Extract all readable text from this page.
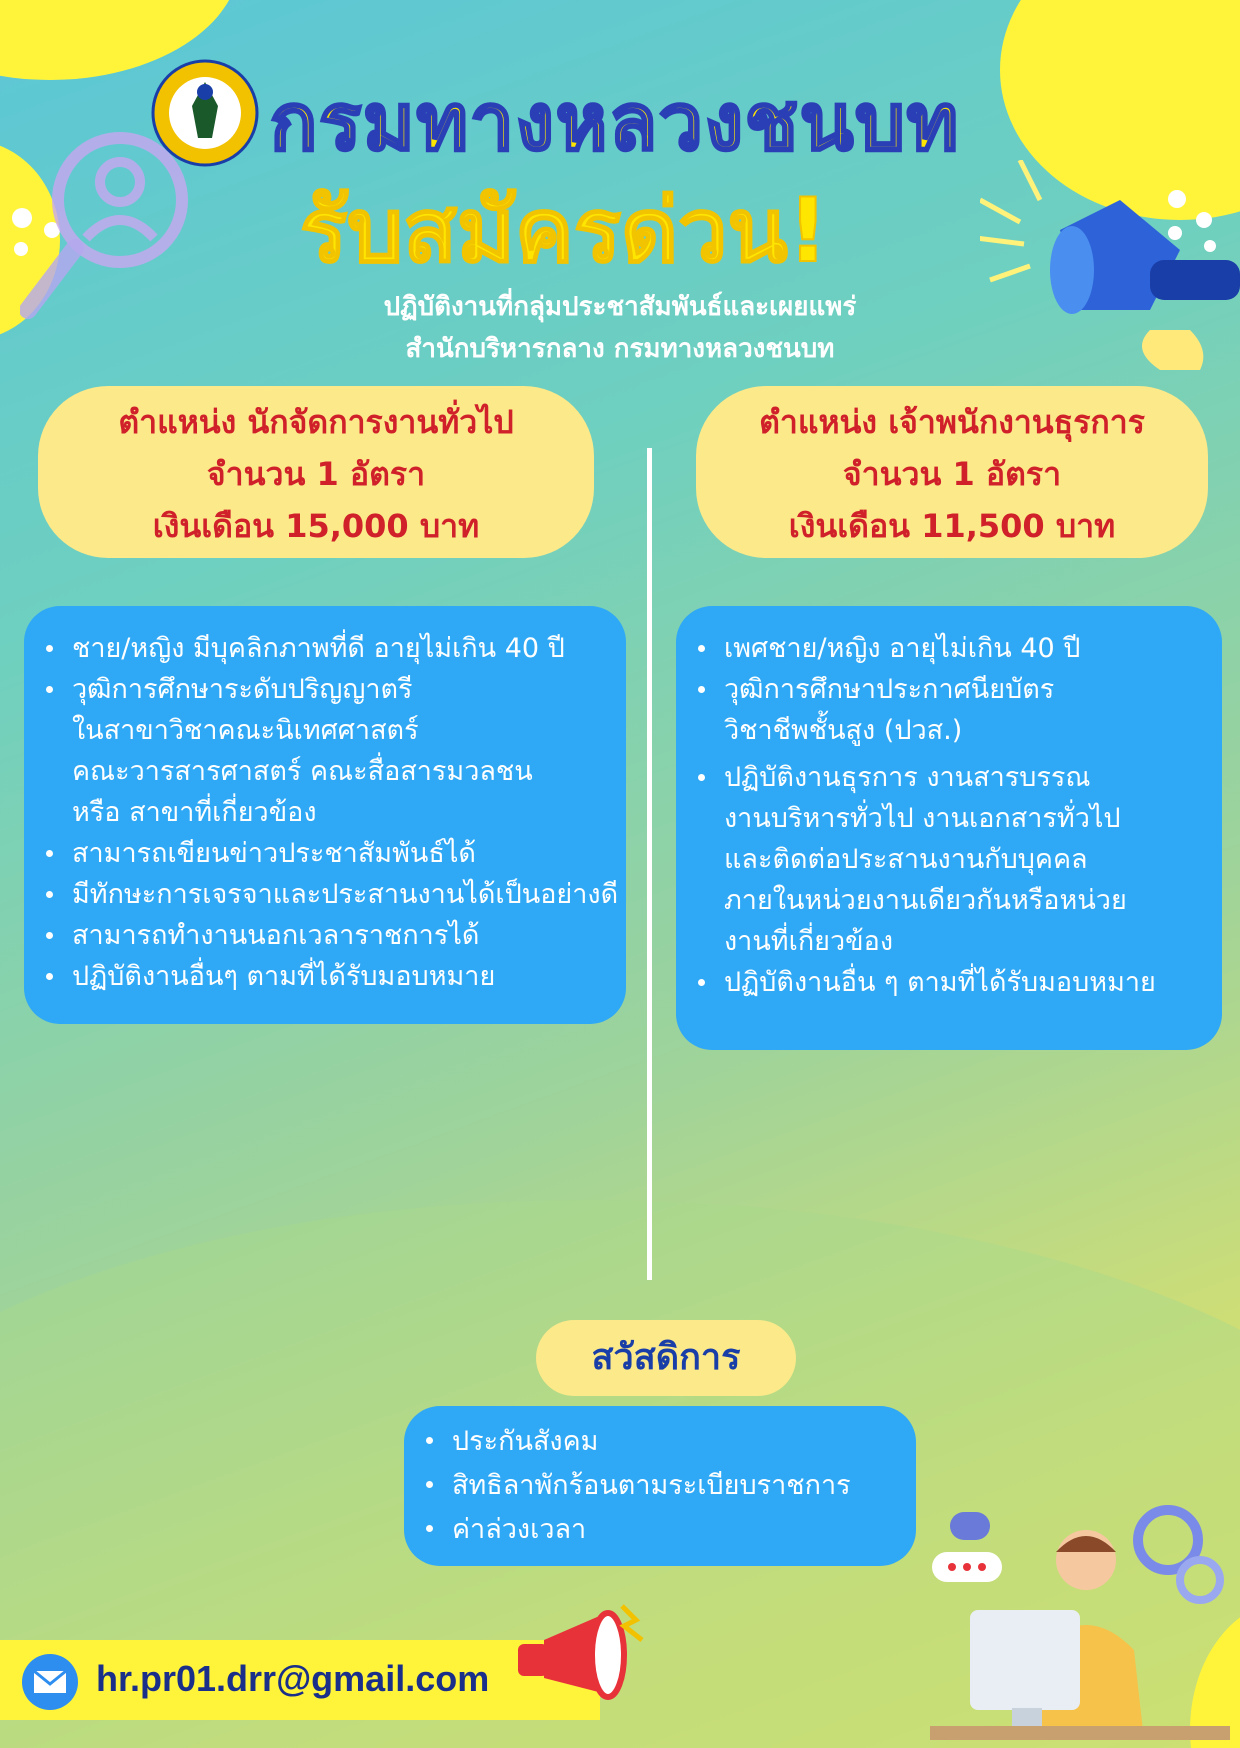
กรมทางหลวงชนบท
รับสมัครด่วน!
ปฏิบัติงานที่กลุ่มประชาสัมพันธ์และเผยแพร่
สำนักบริหารกลาง กรมทางหลวงชนบท
ตำแหน่ง นักจัดการงานทั่วไป
จำนวน 1 อัตรา
เงินเดือน 15,000 บาท
ตำแหน่ง เจ้าพนักงานธุรการ
จำนวน 1 อัตรา
เงินเดือน 11,500 บาท
ชาย/หญิง มีบุคลิกภาพที่ดี อายุไม่เกิน 40 ปี
วุฒิการศึกษาระดับปริญญาตรี
ในสาขาวิชาคณะนิเทศศาสตร์
คณะวารสารศาสตร์ คณะสื่อสารมวลชน
หรือ สาขาที่เกี่ยวข้อง
สามารถเขียนข่าวประชาสัมพันธ์ได้
มีทักษะการเจรจาและประสานงานได้เป็นอย่างดี
สามารถทำงานนอกเวลาราชการได้
ปฏิบัติงานอื่นๆ ตามที่ได้รับมอบหมาย
เพศชาย/หญิง อายุไม่เกิน 40 ปี
วุฒิการศึกษาประกาศนียบัตร
วิชาชีพชั้นสูง (ปวส.)
ปฏิบัติงานธุรการ งานสารบรรณ
งานบริหารทั่วไป งานเอกสารทั่วไป
และติดต่อประสานงานกับบุคคล
ภายในหน่วยงานเดียวกันหรือหน่วย
งานที่เกี่ยวข้อง
ปฏิบัติงานอื่น ๆ ตามที่ได้รับมอบหมาย
สวัสดิการ
ประกันสังคม
สิทธิลาพักร้อนตามระเบียบราชการ
ค่าล่วงเวลา
hr.pr01.drr@gmail.com
